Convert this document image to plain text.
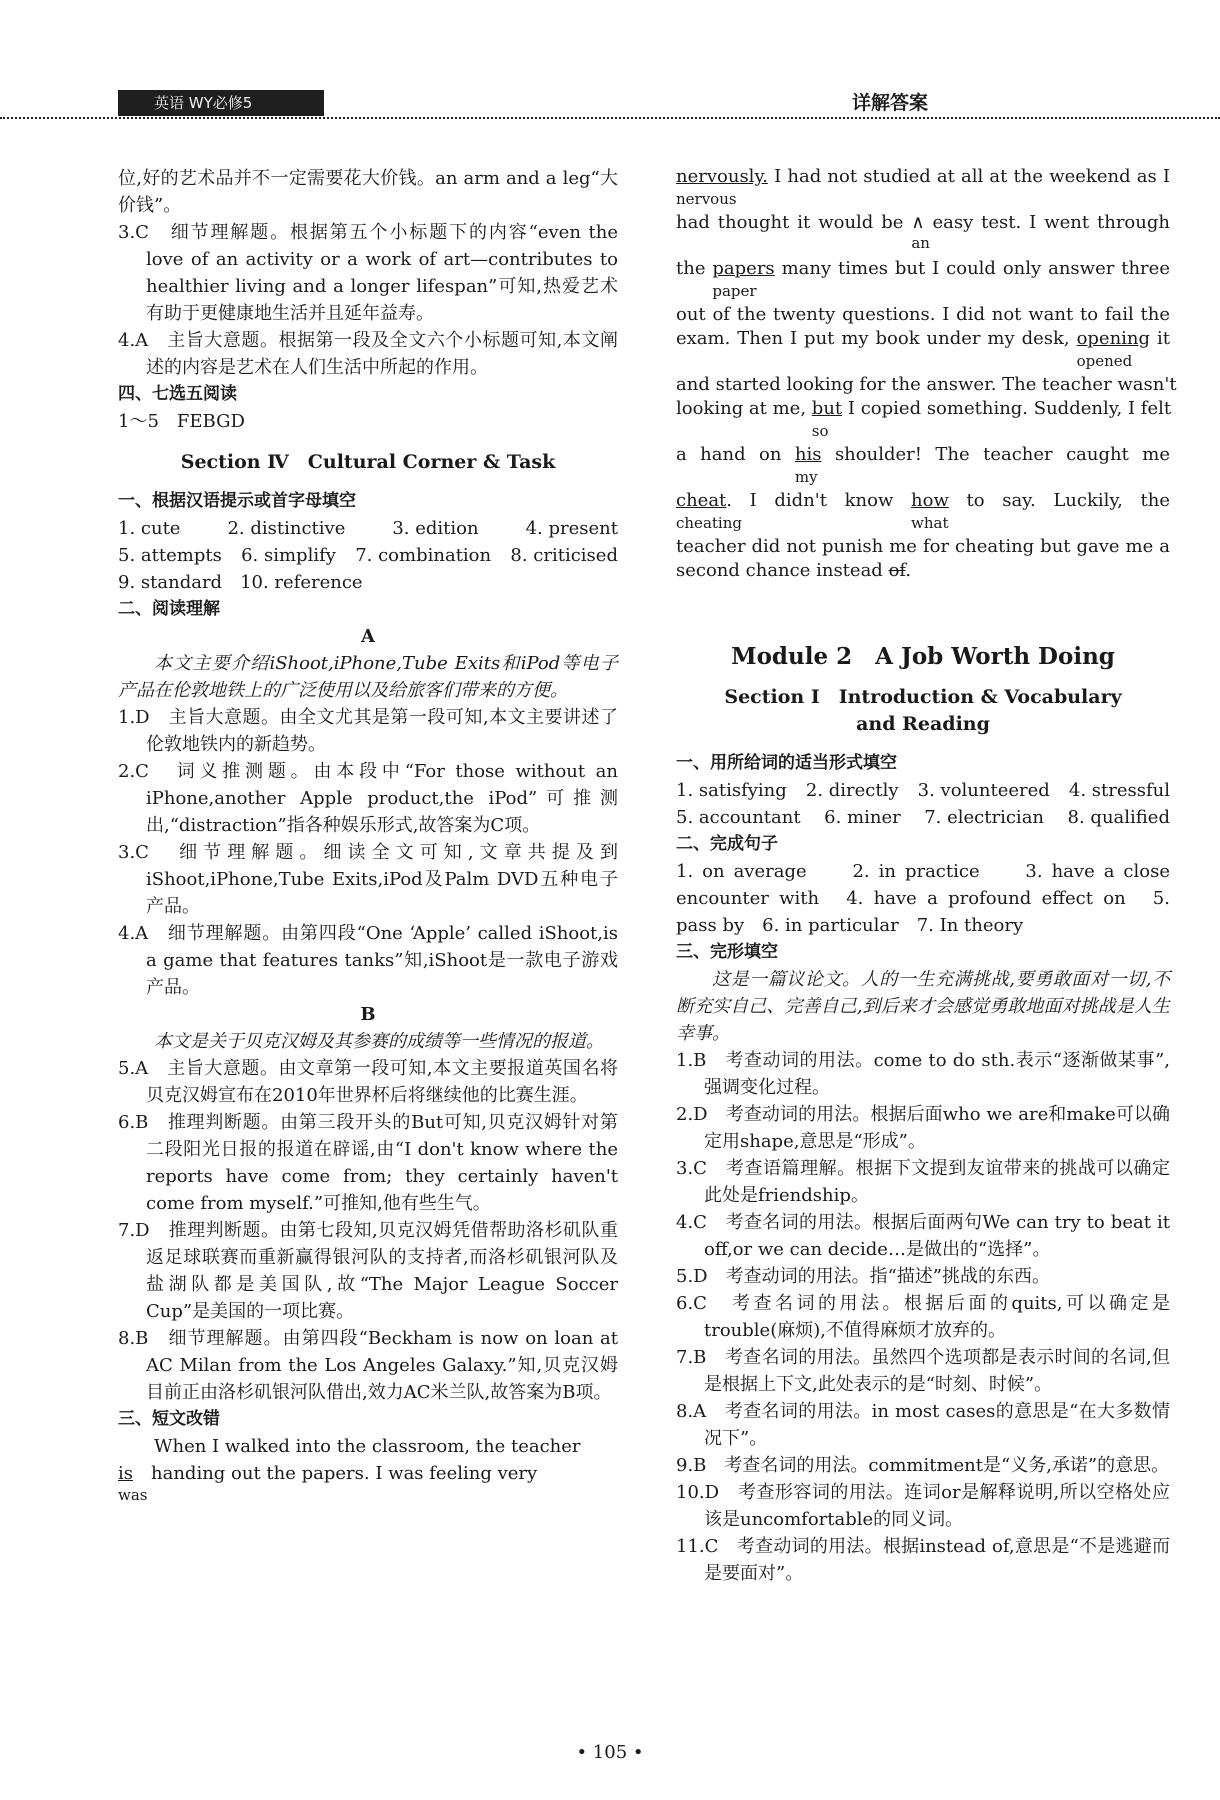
英语 WY必修5	详解答案

位,好的艺术品并不一定需要花大价钱。an arm and a leg“大价钱”。

3.C　细节理解题。根据第五个小标题下的内容“even the love of an activity or a work of art—contributes to healthier living and a longer lifespan”可知,热爱艺术有助于更健康地生活并且延年益寿。

4.A　主旨大意题。根据第一段及全文六个小标题可知,本文阐述的内容是艺术在人们生活中所起的作用。

四、七选五阅读

1～5　FEBGD

Section Ⅳ　Cultural Corner & Task

一、根据汉语提示或首字母填空

1. cute	2. distinctive	3. edition	4. present
5. attempts 6. simplify 7. combination 8. criticised

9. standard　 10. reference

二、阅读理解

A

本文主要介绍iShoot,iPhone,Tube Exits和iPod等电子产品在伦敦地铁上的广泛使用以及给旅客们带来的方便。

1.D　主旨大意题。由全文尤其是第一段可知,本文主要讲述了伦敦地铁内的新趋势。

2.C　词义推测题。由本段中“For those without an iPhone,another Apple product,the iPod”可推测出,“distraction”指各种娱乐形式,故答案为C项。

3.C　细节理解题。细读全文可知,文章共提及到iShoot,iPhone,Tube Exits,iPod及Palm DVD五种电子产品。

4.A　细节理解题。由第四段“One ‘Apple’ called iShoot,is a game that features tanks”知,iShoot是一款电子游戏产品。

B

本文是关于贝克汉姆及其参赛的成绩等一些情况的报道。

5.A　主旨大意题。由文章第一段可知,本文主要报道英国名将贝克汉姆宣布在2010年世界杯后将继续他的比赛生涯。

6.B　推理判断题。由第三段开头的But可知,贝克汉姆针对第二段阳光日报的报道在辟谣,由“I don't know where the reports have come from; they certainly haven't come from myself.”可推知,他有些生气。

7.D　推理判断题。由第七段知,贝克汉姆凭借帮助洛杉矶队重返足球联赛而重新赢得银河队的支持者,而洛杉矶银河队及盐湖队都是美国队,故“The Major League Soccer Cup”是美国的一项比赛。

8.B　细节理解题。由第四段“Beckham is now on loan at AC Milan from the Los Angeles Galaxy.”知,贝克汉姆目前正由洛杉矶银河队借出,效力AC米兰队,故答案为B项。

三、短文改错

When I walked into the classroom, the teacher

is
was
　handing out the papers. I was feeling very

nervously.
nervous
I had not studied at all at the weekend as I
had thought it would be ∧
an
easy test. I went through
the papers
paper
many times but I could only answer three
out of the twenty questions. I did not want to fail the
exam. Then I put my book under my desk, opening
opened
it
and started looking for the answer. The teacher wasn't
looking at me, but
so
I copied something. Suddenly, I felt
a hand on his
my
shoulder! The teacher caught me
cheat
cheating
. I didn't know how
what
to say. Luckily, the
teacher did not punish me for cheating but gave me a
second chance instead of.

Module 2　A Job Worth Doing

Section Ⅰ　Introduction & Vocabulary

and Reading

一、用所给词的适当形式填空

1. satisfying 2. directly 3. volunteered 4. stressful
5. accountant 6. miner 7. electrician 8. qualified

二、完成句子

1. on average　　2. in practice　　3. have a close encounter with　4. have a profound effect on　5. pass by　6. in particular　7. In theory

三、完形填空

这是一篇议论文。人的一生充满挑战,要勇敢面对一切,不断充实自己、完善自己,到后来才会感觉勇敢地面对挑战是人生幸事。

1.B　考查动词的用法。come to do sth.表示“逐渐做某事”,强调变化过程。

2.D　考查动词的用法。根据后面who we are和make可以确定用shape,意思是“形成”。

3.C　考查语篇理解。根据下文提到友谊带来的挑战可以确定此处是friendship。

4.C　考查名词的用法。根据后面两句We can try to beat it off,or we can decide…是做出的“选择”。

5.D　考查动词的用法。指“描述”挑战的东西。

6.C　考查名词的用法。根据后面的quits,可以确定是trouble(麻烦),不值得麻烦才放弃的。

7.B　考查名词的用法。虽然四个选项都是表示时间的名词,但是根据上下文,此处表示的是“时刻、时候”。

8.A　考查名词的用法。in most cases的意思是“在大多数情况下”。

9.B　考查名词的用法。commitment是“义务,承诺”的意思。

10.D　考查形容词的用法。连词or是解释说明,所以空格处应该是uncomfortable的同义词。

11.C　考查动词的用法。根据instead of,意思是“不是逃避而是要面对”。

• 105 •
